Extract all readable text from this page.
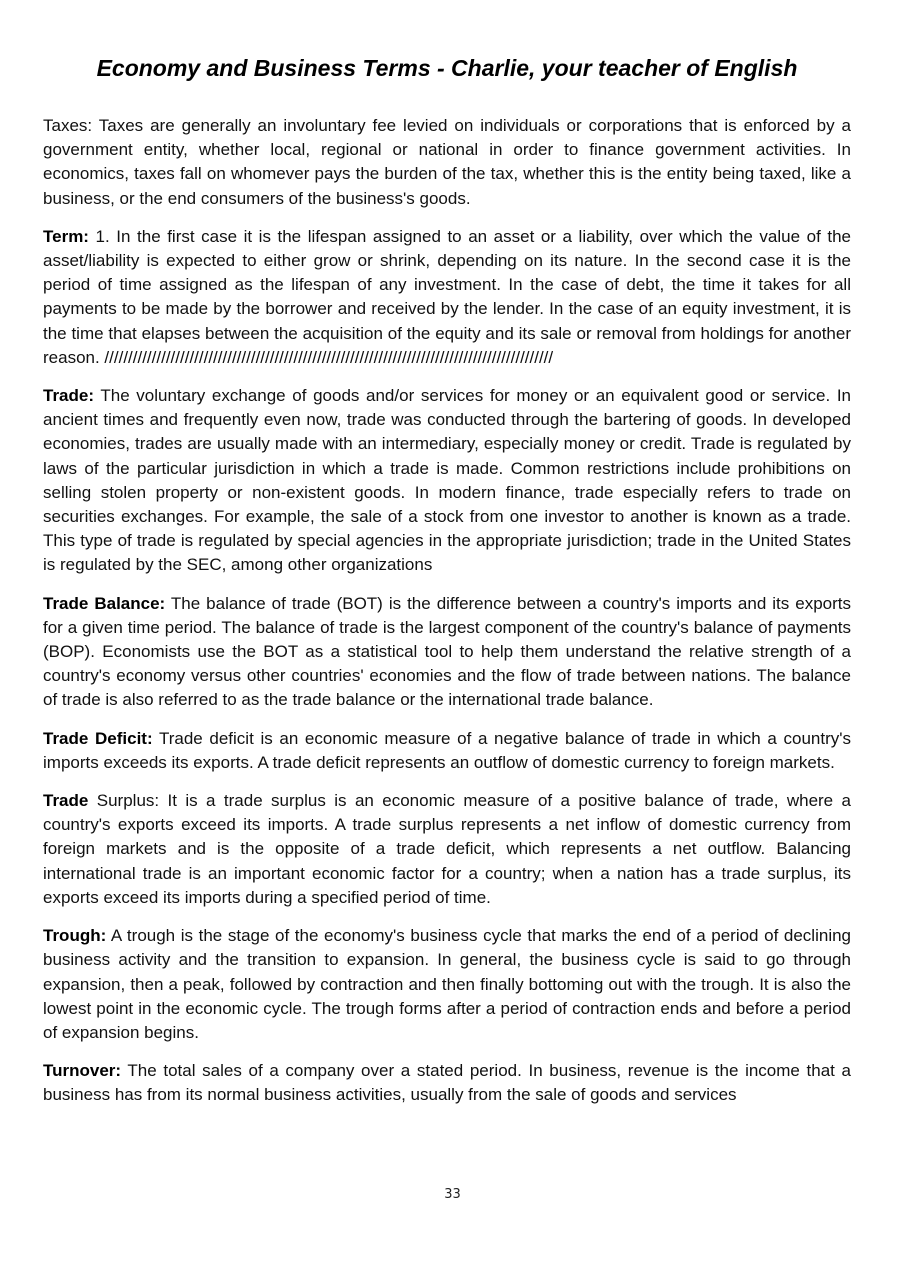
Economy and Business Terms - Charlie, your teacher of English

Taxes: Taxes are generally an involuntary fee levied on individuals or corporations that is enforced by a government entity, whether local, regional or national in order to finance government activities. In economics, taxes fall on whomever pays the burden of the tax, whether this is the entity being taxed, like a business, or the end consumers of the business's goods.

Term: 1. In the first case it is the lifespan assigned to an asset or a liability, over which the value of the asset/liability is expected to either grow or shrink, depending on its nature. In the second case it is the period of time assigned as the lifespan of any investment. In the case of debt, the time it takes for all payments to be made by the borrower and received by the lender. In the case of an equity investment, it is the time that elapses between the acquisition of the equity and its sale or removal from holdings for another reason. ///////////////////////////////////////////////////////////////////////////////////////////////

Trade: The voluntary exchange of goods and/or services for money or an equivalent good or service. In ancient times and frequently even now, trade was conducted through the bartering of goods. In developed economies, trades are usually made with an intermediary, especially money or credit. Trade is regulated by laws of the particular jurisdiction in which a trade is made. Common restrictions include prohibitions on selling stolen property or non-existent goods. In modern finance, trade especially refers to trade on securities exchanges. For example, the sale of a stock from one investor to another is known as a trade. This type of trade is regulated by special agencies in the appropriate jurisdiction; trade in the United States is regulated by the SEC, among other organizations

Trade Balance: The balance of trade (BOT) is the difference between a country's imports and its exports for a given time period. The balance of trade is the largest component of the country's balance of payments (BOP). Economists use the BOT as a statistical tool to help them understand the relative strength of a country's economy versus other countries' economies and the flow of trade between nations. The balance of trade is also referred to as the trade balance or the international trade balance.

Trade Deficit: Trade deficit is an economic measure of a negative balance of trade in which a country's imports exceeds its exports. A trade deficit represents an outflow of domestic currency to foreign markets.

Trade Surplus: It is a trade surplus is an economic measure of a positive balance of trade, where a country's exports exceed its imports. A trade surplus represents a net inflow of domestic currency from foreign markets and is the opposite of a trade deficit, which represents a net outflow. Balancing international trade is an important economic factor for a country; when a nation has a trade surplus, its exports exceed its imports during a specified period of time.

Trough: A trough is the stage of the economy's business cycle that marks the end of a period of declining business activity and the transition to expansion. In general, the business cycle is said to go through expansion, then a peak, followed by contraction and then finally bottoming out with the trough. It is also the lowest point in the economic cycle. The trough forms after a period of contraction ends and before a period of expansion begins.

Turnover: The total sales of a company over a stated period. In business, revenue is the income that a business has from its normal business activities, usually from the sale of goods and services

33
